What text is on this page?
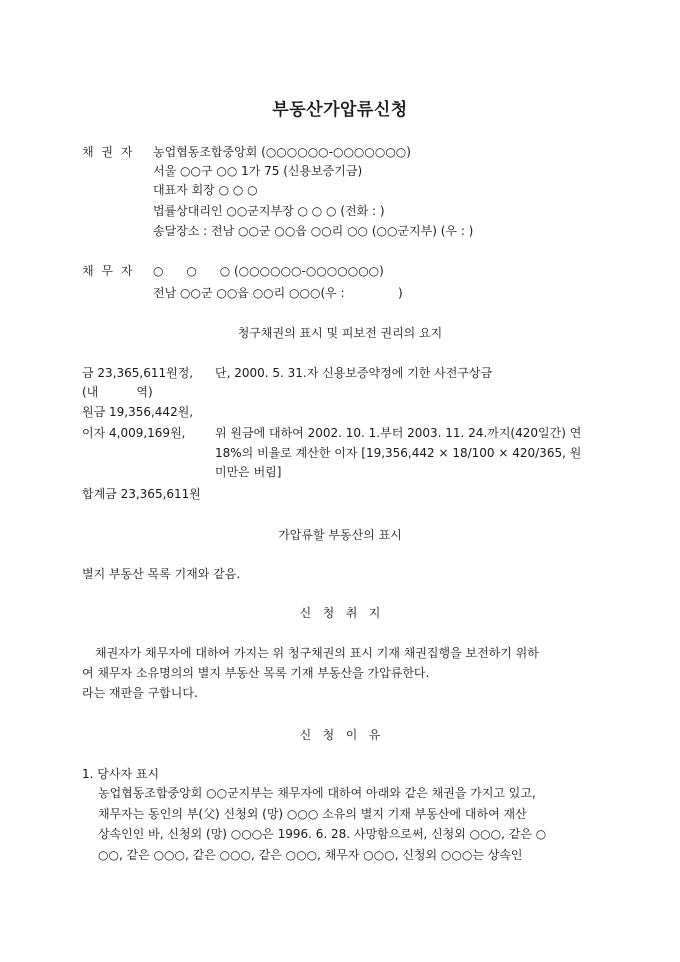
부동산가압류신청
채 권 자 농업협동조합중앙회 (○○○○○○-○○○○○○○)
서울 ○○구 ○○ 1가 75 (신용보증기금)
대표자 회장 ○ ○ ○
법률상대리인 ○○군지부장 ○ ○ ○ (전화 : )
송달장소 : 전남 ○○군 ○○읍 ○○리 ○○ (○○군지부) (우 : )
채 무 자 ○      ○      ○ (○○○○○○-○○○○○○○)
전남 ○○군 ○○읍 ○○리 ○○○(우 :              )
청구채권의 표시 및 피보전 권리의 요지
금 23,365,611원정, 단, 2000. 5. 31.자 신용보증약정에 기한 사전구상금
(내          역)
원금 19,356,442원,
이자 4,009,169원, 위 원금에 대하여 2002. 10. 1.부터 2003. 11. 24.까지(420일간) 연
18%의 비율로 계산한 이자 [19,356,442 × 18/100 × 420/365, 원
미만은 버림]
합계금 23,365,611원
가압류할 부동산의 표시
별지 부동산 목록 기재와 같음.
신   청   취   지
채권자가 채무자에 대하여 가지는 위 청구채권의 표시 기재 채권집행을 보전하기 위하
여 채무자 소유명의의 별지 부동산 목록 기재 부동산을 가압류한다.
라는 재판을 구합니다.
신   청   이   유
1. 당사자 표시
농업협동조합중앙회 ○○군지부는 채무자에 대하여 아래와 같은 채권을 가지고 있고,
채무자는 동인의 부(父) 신청외 (망) ○○○ 소유의 별지 기재 부동산에 대하여 재산
상속인인 바, 신청외 (망) ○○○은 1996. 6. 28. 사망함으로써, 신청외 ○○○, 같은 ○
○○, 같은 ○○○, 같은 ○○○, 같은 ○○○, 채무자 ○○○, 신청외 ○○○는 상속인
